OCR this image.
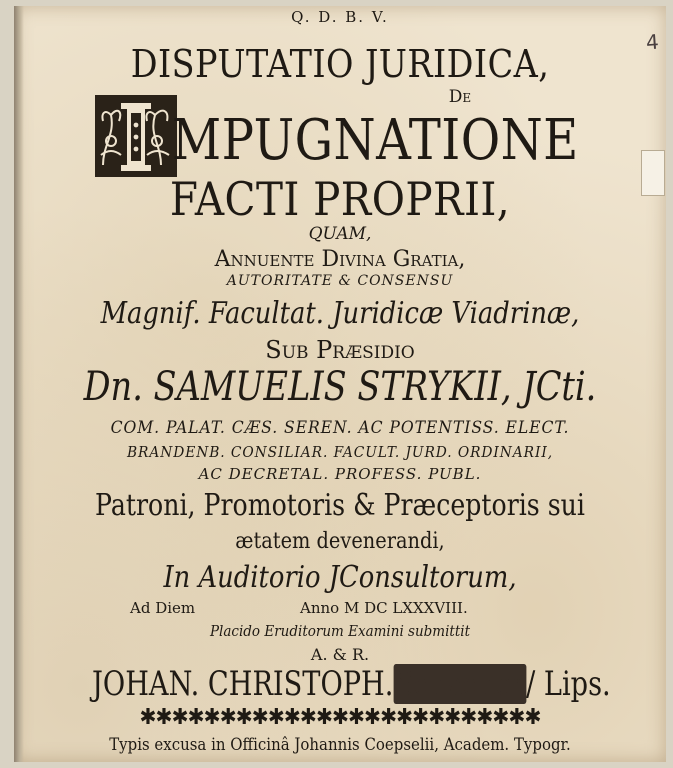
4
Q. D. B. V.
DISPUTATIO JURIDICA,
De
MPUGNATIONE
FACTI PROPRII,
QUAM,
Annuente Divina Gratia,
AUTORITATE & CONSENSU
Magnif. Facultat. Juridicæ Viadrinæ,
Sub Præsidio
Dn. SAMUELIS STRYKII, JCti.
COM. PALAT. CÆS. SEREN. AC POTENTISS. ELECT.
BRANDENB. CONSILIAR. FACULT. JURD. ORDINARII,
AC DECRETAL. PROFESS. PUBL.
Patroni, Promotoris & Præceptoris sui
ætatem devenerandi,
In Auditorio JConsultorum,
Ad Diem	Anno M DC LXXXVIII.
Placido Eruditorum Examini submittit
A. & R.
JOHAN. CHRISTOPH.Schacher/ Lips.
✱✱✱✱✱✱✱✱✱✱✱✱✱✱✱✱✱✱✱✱✱✱✱✱✱
Typis excusa in Officinâ Johannis Coepselii, Academ. Typogr.
